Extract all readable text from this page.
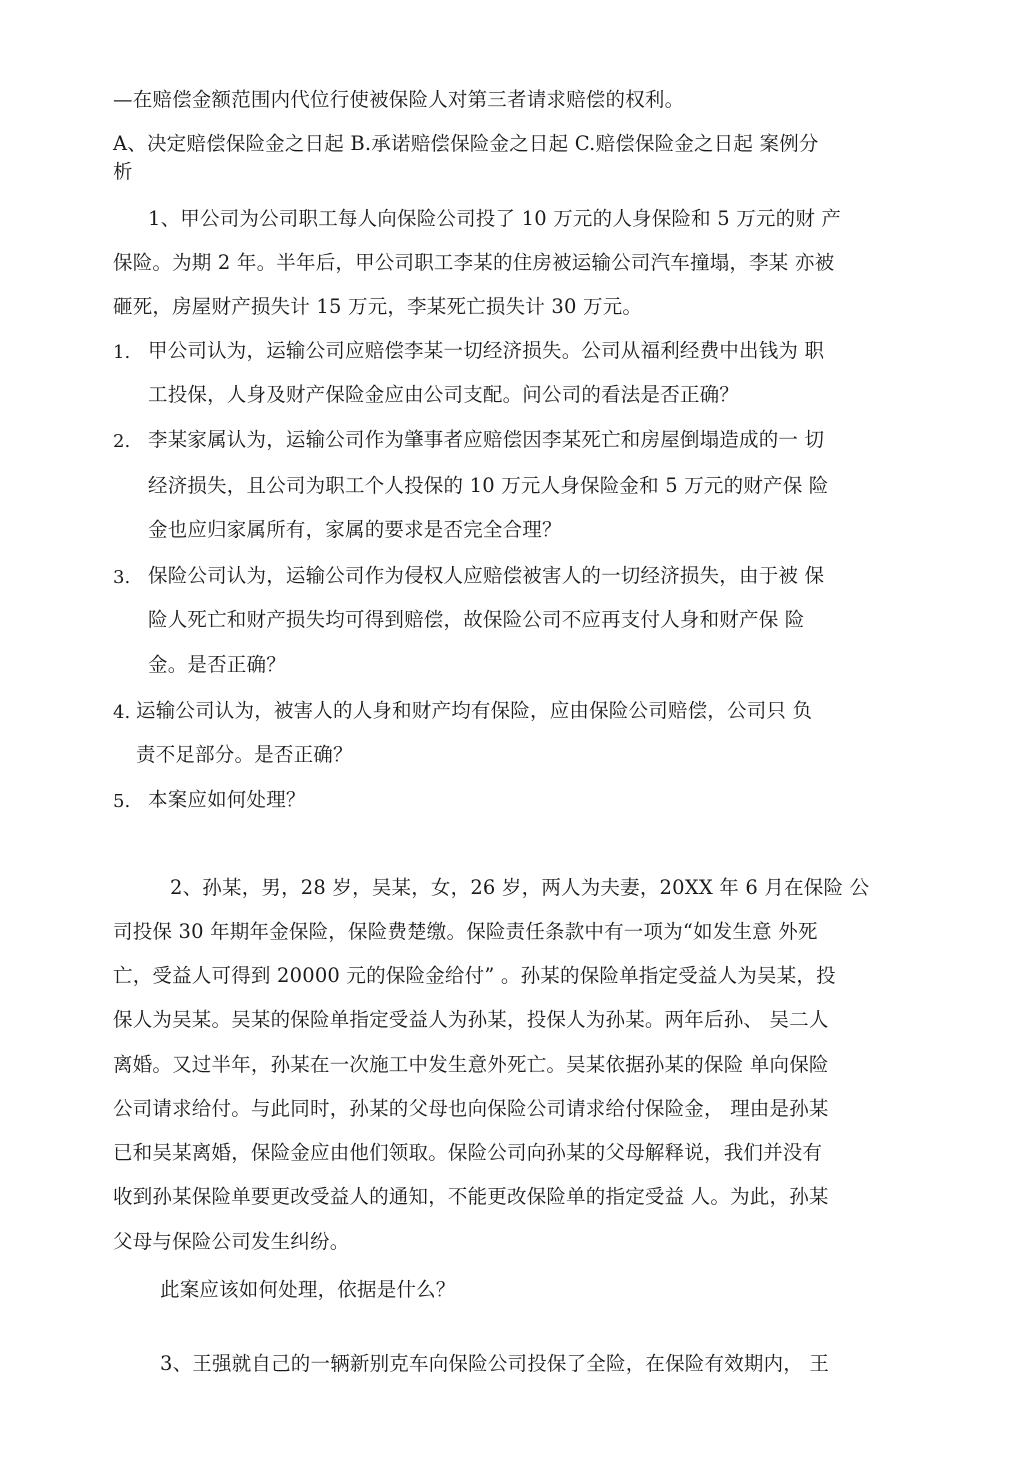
—在赔偿金额范围内代位行使被保险人对第三者请求赔偿的权利。
A、决定赔偿保险金之日起 B.承诺赔偿保险金之日起 C.赔偿保险金之日起 案例分
析
1、甲公司为公司职工每人向保险公司投了 10 万元的人身保险和 5 万元的财 产
保险。为期 2 年。半年后，甲公司职工李某的住房被运输公司汽车撞塌，李某 亦被
砸死，房屋财产损失计 15 万元，李某死亡损失计 30 万元。
1. 甲公司认为，运输公司应赔偿李某一切经济损失。公司从福利经费中出钱为 职
工投保，人身及财产保险金应由公司支配。问公司的看法是否正确？
2. 李某家属认为，运输公司作为肇事者应赔偿因李某死亡和房屋倒塌造成的一 切
经济损失，且公司为职工个人投保的 10 万元人身保险金和 5 万元的财产保 险
金也应归家属所有，家属的要求是否完全合理？
3. 保险公司认为，运输公司作为侵权人应赔偿被害人的一切经济损失，由于被 保
险人死亡和财产损失均可得到赔偿，故保险公司不应再支付人身和财产保 险
金。是否正确？
4. 运输公司认为，被害人的人身和财产均有保险，应由保险公司赔偿，公司只 负
责不足部分。是否正确？
5. 本案应如何处理？
2、孙某，男，28 岁，吴某，女，26 岁，两人为夫妻，20XX 年 6 月在保险 公
司投保 30 年期年金保险，保险费楚缴。保险责任条款中有一项为“如发生意 外死
亡，受益人可得到 20000 元的保险金给付” 。孙某的保险单指定受益人为吴某，投
保人为吴某。吴某的保险单指定受益人为孙某，投保人为孙某。两年后孙、 吴二人
离婚。又过半年，孙某在一次施工中发生意外死亡。吴某依据孙某的保险 单向保险
公司请求给付。与此同时，孙某的父母也向保险公司请求给付保险金， 理由是孙某
已和吴某离婚，保险金应由他们领取。保险公司向孙某的父母解释说，我们并没有
收到孙某保险单要更改受益人的通知，不能更改保险单的指定受益 人。为此，孙某
父母与保险公司发生纠纷。
此案应该如何处理，依据是什么？
3、王强就自己的一辆新别克车向保险公司投保了全险，在保险有效期内， 王
